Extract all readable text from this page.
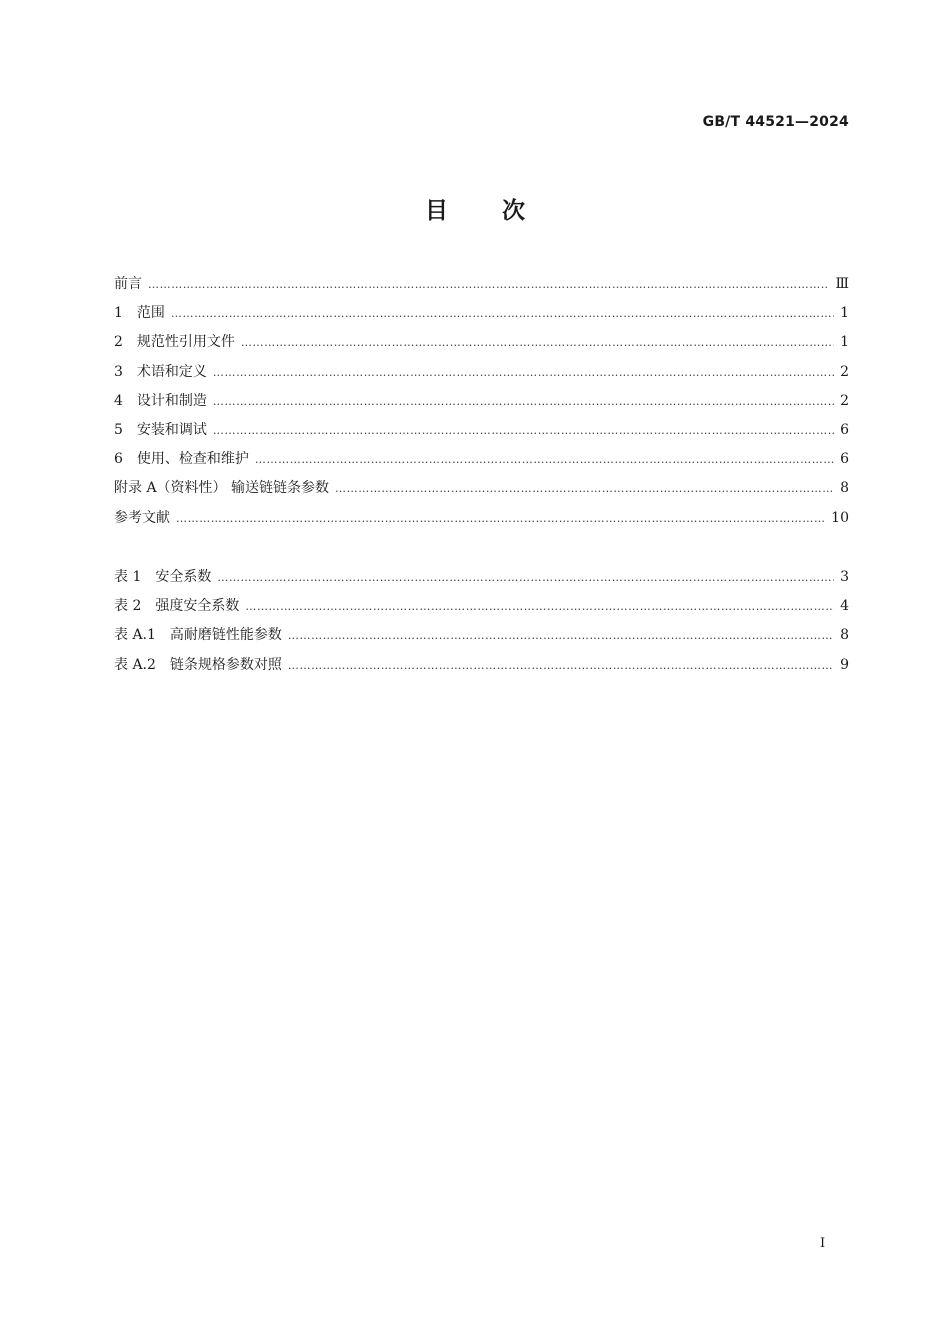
GB/T 44521—2024
目 次
前言 …………………………………………………………………………………………………………………………………………………………………………………………………………………………………………………………	Ⅲ
1 范围 …………………………………………………………………………………………………………………………………………………………………………………………………………………………………………………………	1
2 规范性引用文件 …………………………………………………………………………………………………………………………………………………………………………………………………………………………………………………………	1
3 术语和定义 …………………………………………………………………………………………………………………………………………………………………………………………………………………………………………………………	2
4 设计和制造 …………………………………………………………………………………………………………………………………………………………………………………………………………………………………………………………	2
5 安装和调试 …………………………………………………………………………………………………………………………………………………………………………………………………………………………………………………………	6
6 使用、检查和维护 …………………………………………………………………………………………………………………………………………………………………………………………………………………………………………………………	6
附录 A（资料性） 输送链链条参数 …………………………………………………………………………………………………………………………………………………………………………………………………………………………………………………………	8
参考文献 …………………………………………………………………………………………………………………………………………………………………………………………………………………………………………………………	10
表 1 安全系数 …………………………………………………………………………………………………………………………………………………………………………………………………………………………………………………………	3
表 2 强度安全系数 …………………………………………………………………………………………………………………………………………………………………………………………………………………………………………………………	4
表 A.1 高耐磨链性能参数 …………………………………………………………………………………………………………………………………………………………………………………………………………………………………………………………	8
表 A.2 链条规格参数对照 …………………………………………………………………………………………………………………………………………………………………………………………………………………………………………………………	9
I
